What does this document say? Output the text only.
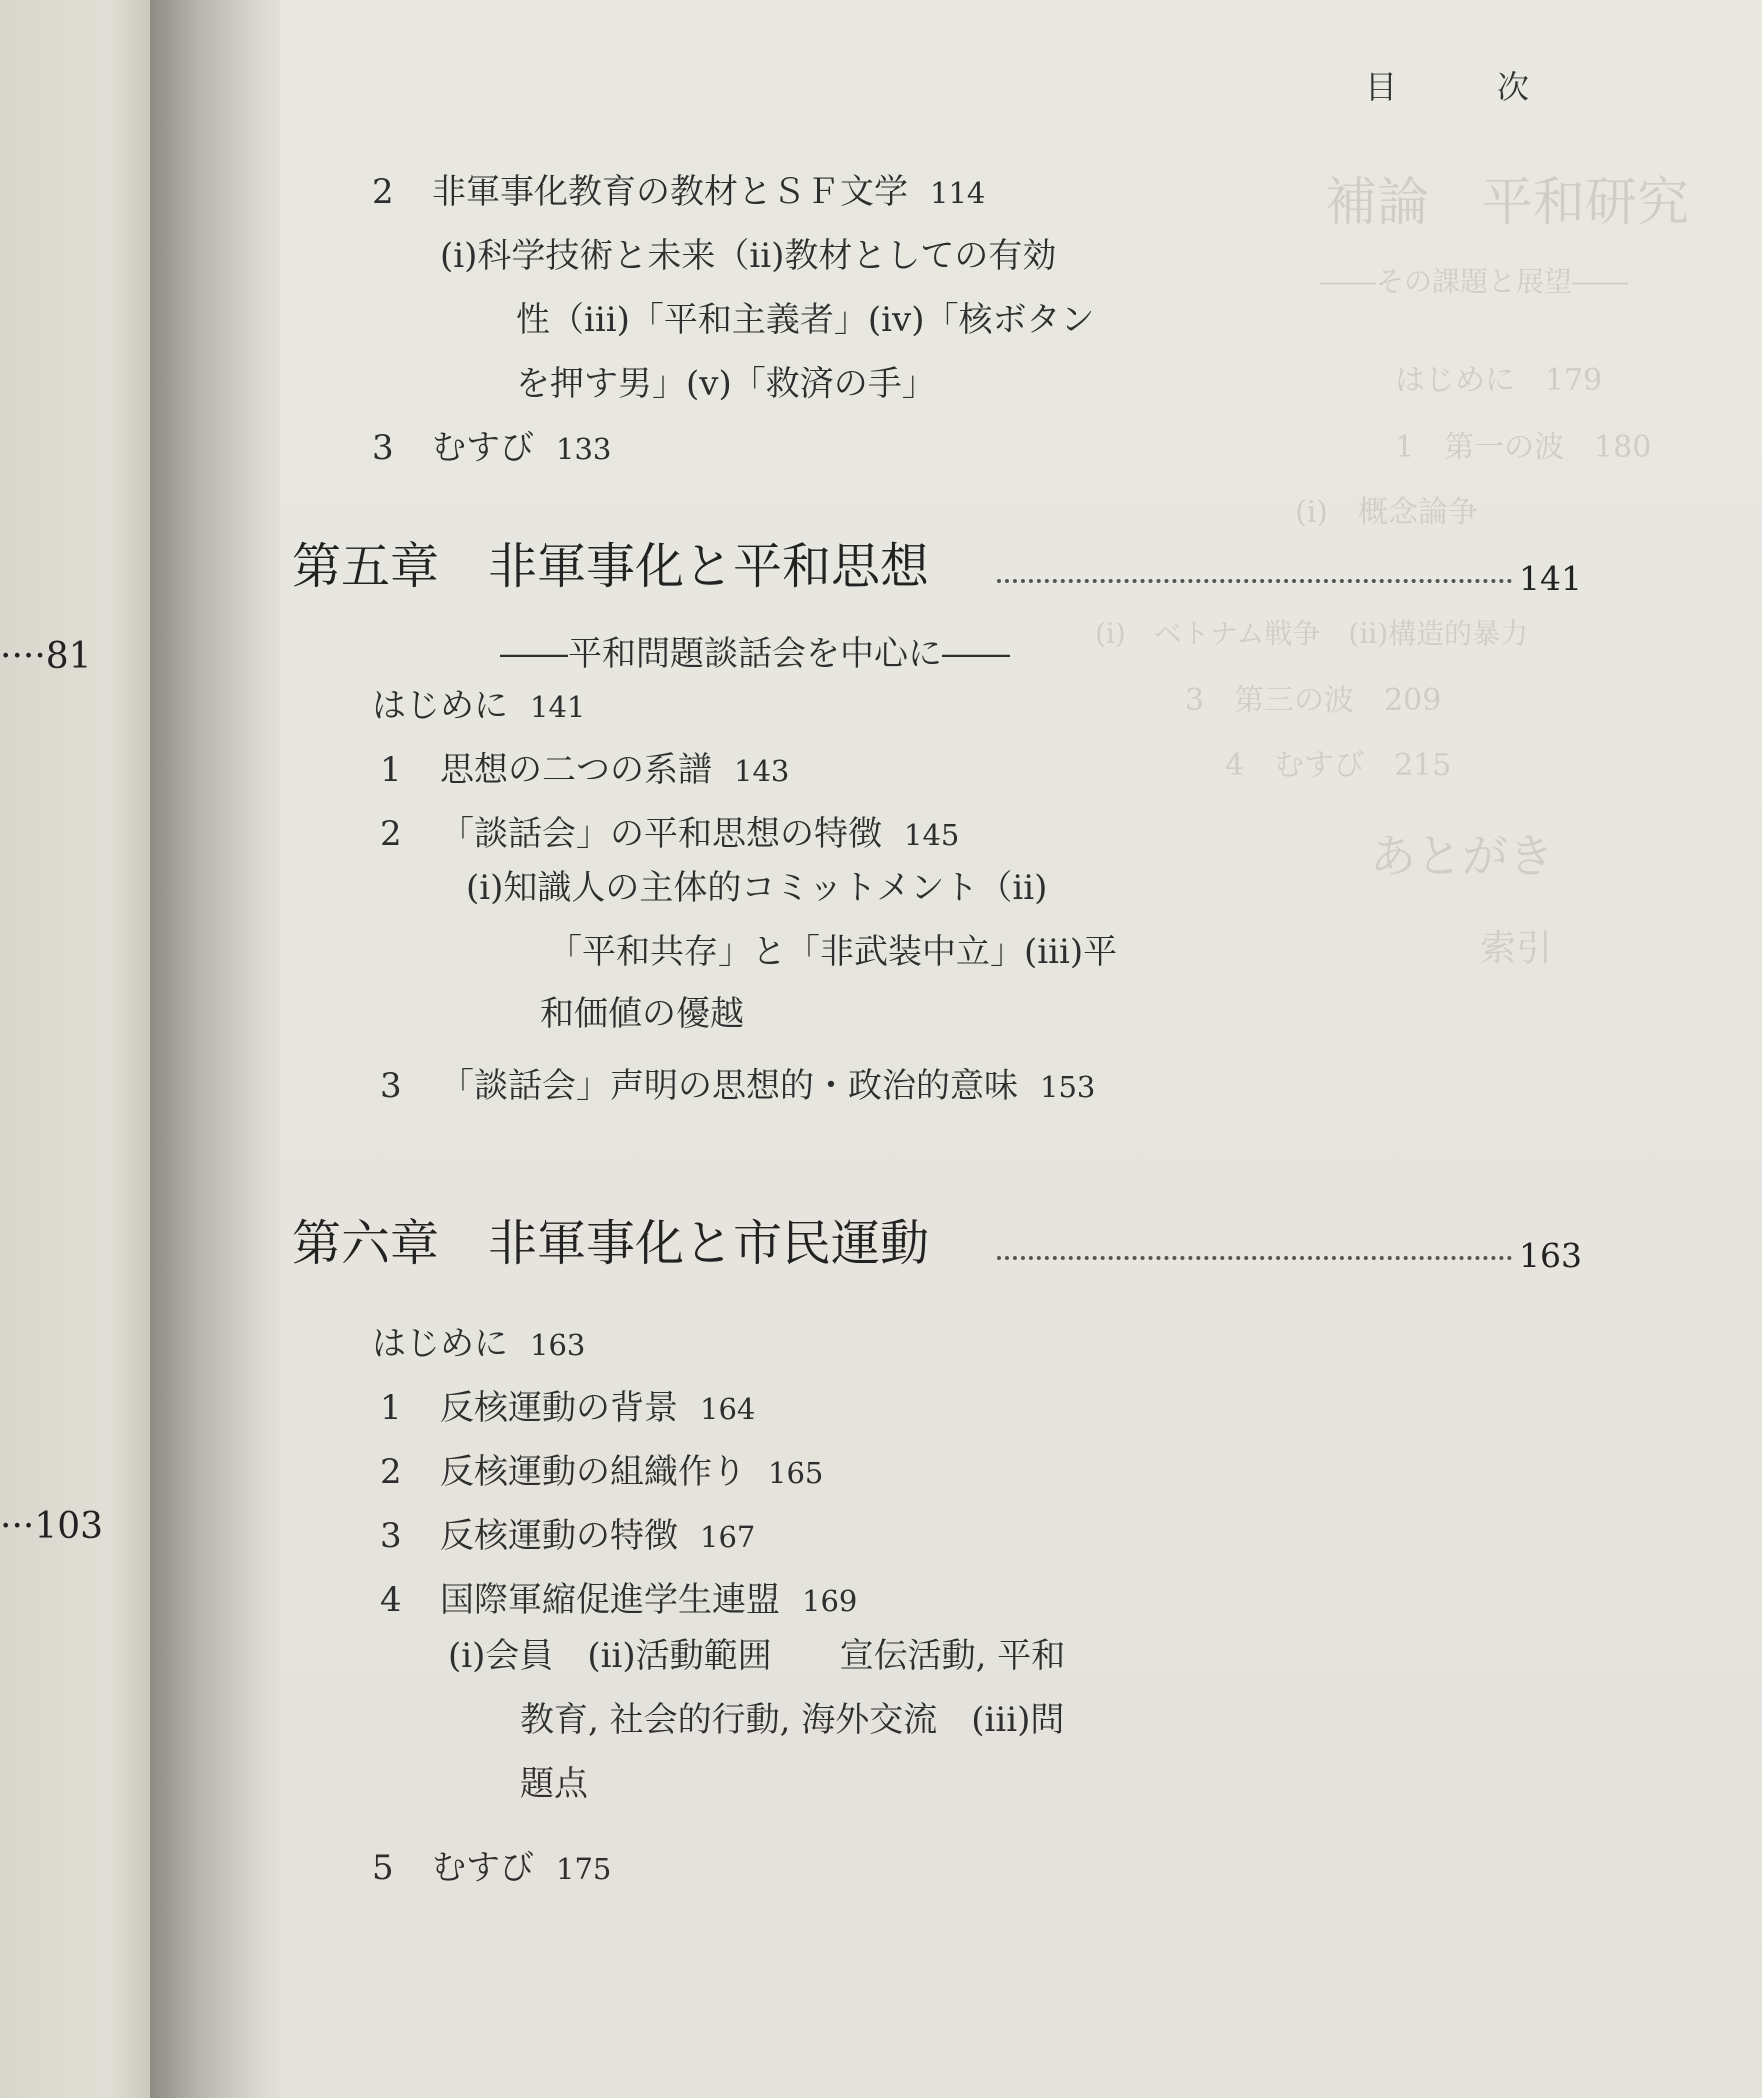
····81
···103
補論　平和研究
――その課題と展望――
はじめに　179
1　第一の波　180
(i)　概念論争
(i)　ベトナム戦争　(ii)構造的暴力
3　第三の波　209
4　むすび　215
あとがき
索引
目次
2 非軍事化教育の教材とＳＦ文学 114
(i)科学技術と未来（ii)教材としての有効
性（iii)「平和主義者」(iv)「核ボタン
を押す男」(v)「救済の手」
3 むすび 133
第五章　非軍事化と平和思想	141
――平和問題談話会を中心に――
はじめに 141
1 思想の二つの系譜 143
2 「談話会」の平和思想の特徴 145
(i)知識人の主体的コミットメント（ii)
「平和共存」と「非武装中立」(iii)平
和価値の優越
3 「談話会」声明の思想的・政治的意味 153
第六章　非軍事化と市民運動	163
はじめに 163
1 反核運動の背景 164
2 反核運動の組織作り 165
3 反核運動の特徴 167
4 国際軍縮促進学生連盟 169
(i)会員　(ii)活動範囲　　宣伝活動, 平和
教育, 社会的行動, 海外交流　(iii)問
題点
5 むすび 175
